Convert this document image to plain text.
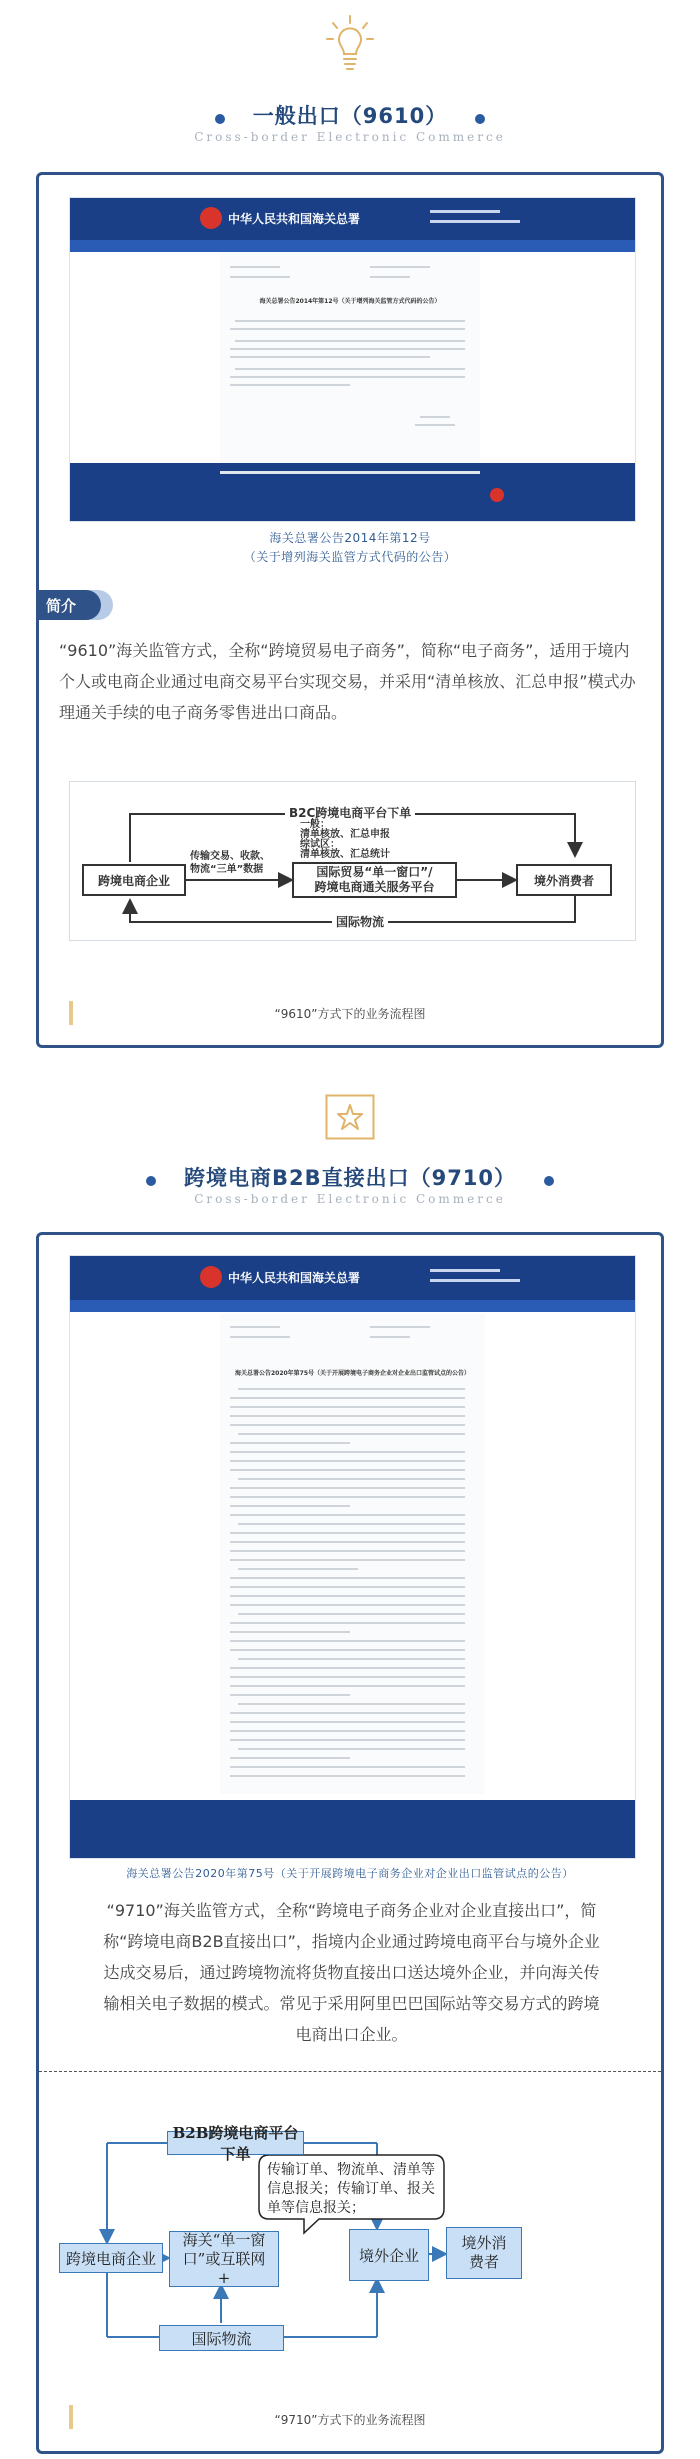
一般出口（9610）
Cross-border Electronic Commerce
中华人民共和国海关总署
海关总署公告2014年第12号（关于增列海关监管方式代码的公告）
海关总署公告2014年第12号
（关于增列海关监管方式代码的公告）
简介
“9610”海关监管方式，全称“跨境贸易电子商务”，简称“电子商务”，适用于境内个人或电商企业通过电商交易平台实现交易，并采用“清单核放、汇总申报”模式办理通关手续的电子商务零售进出口商品。
B2C跨境电商平台下单
跨境电商企业
国际贸易“单一窗口”/
跨境电商通关服务平台	境外消费者
传输交易、收款、
物流“三单”数据
一般：
清单核放、汇总申报
综试区：
清单核放、汇总统计
国际物流
“9610”方式下的业务流程图
跨境电商B2B直接出口（9710）
Cross-border Electronic Commerce
中华人民共和国海关总署
海关总署公告2020年第75号（关于开展跨境电子商务企业对企业出口监管试点的公告）
海关总署公告2020年第75号（关于开展跨境电子商务企业对企业出口监管试点的公告）
“9710”海关监管方式，全称“跨境电子商务企业对企业直接出口”，简称“跨境电商B2B直接出口”，指境内企业通过跨境电商平台与境外企业达成交易后，通过跨境物流将货物直接出口送达境外企业，并向海关传输相关电子数据的模式。常见于采用阿里巴巴国际站等交易方式的跨境电商出口企业。
B2B跨境电商平台下单
传输订单、物流单、清单等信息报关；传输订单、报关单等信息报关；
跨境电商企业
海关“单一窗口”或互联网+
境外企业
境外消费者
国际物流
“9710”方式下的业务流程图
